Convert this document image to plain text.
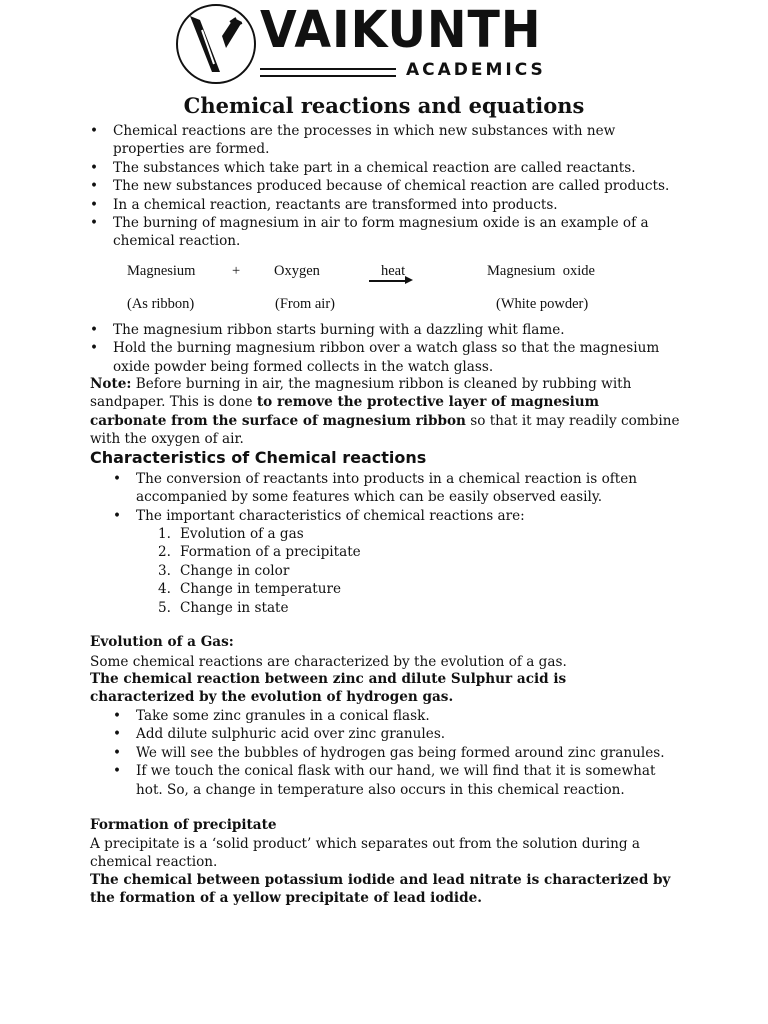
VAIKUNTH
ACADEMICS
Chemical reactions and equations
• Chemical reactions are the processes in which new substances with new properties are formed.
• The substances which take part in a chemical reaction are called reactants.
• The new substances produced because of chemical reaction are called products.
• In a chemical reaction, reactants are transformed into products.
• The burning of magnesium in air to form magnesium oxide is an example of a chemical reaction.
Magnesium	+ Oxygen	heat	Magnesium  oxide
(As ribbon)	(From air)	(White powder)
• The magnesium ribbon starts burning with a dazzling whit flame.
• Hold the burning magnesium ribbon over a watch glass so that the magnesium oxide powder being formed collects in the watch glass.

Note: Before burning in air, the magnesium ribbon is cleaned by rubbing with sandpaper. This is done to remove the protective layer of magnesium carbonate from the surface of magnesium ribbon so that it may readily combine with the oxygen of air.

Characteristics of Chemical reactions
• The conversion of reactants into products in a chemical reaction is often accompanied by some features which can be easily observed easily.
• The important characteristics of chemical reactions are:
1. Evolution of a gas
2. Formation of a precipitate
3. Change in color
4. Change in temperature
5. Change in state
Evolution of a Gas:

Some chemical reactions are characterized by the evolution of a gas.

The chemical reaction between zinc and dilute Sulphur acid is characterized by the evolution of hydrogen gas.

• Take some zinc granules in a conical flask.
• Add dilute sulphuric acid over zinc granules.
• We will see the bubbles of hydrogen gas being formed around zinc granules.
• If we touch the conical flask with our hand, we will find that it is somewhat hot. So, a change in temperature also occurs in this chemical reaction.
Formation of precipitate

A precipitate is a ‘solid product’ which separates out from the solution during a chemical reaction.

The chemical between potassium iodide and lead nitrate is characterized by the formation of a yellow precipitate of lead iodide.
